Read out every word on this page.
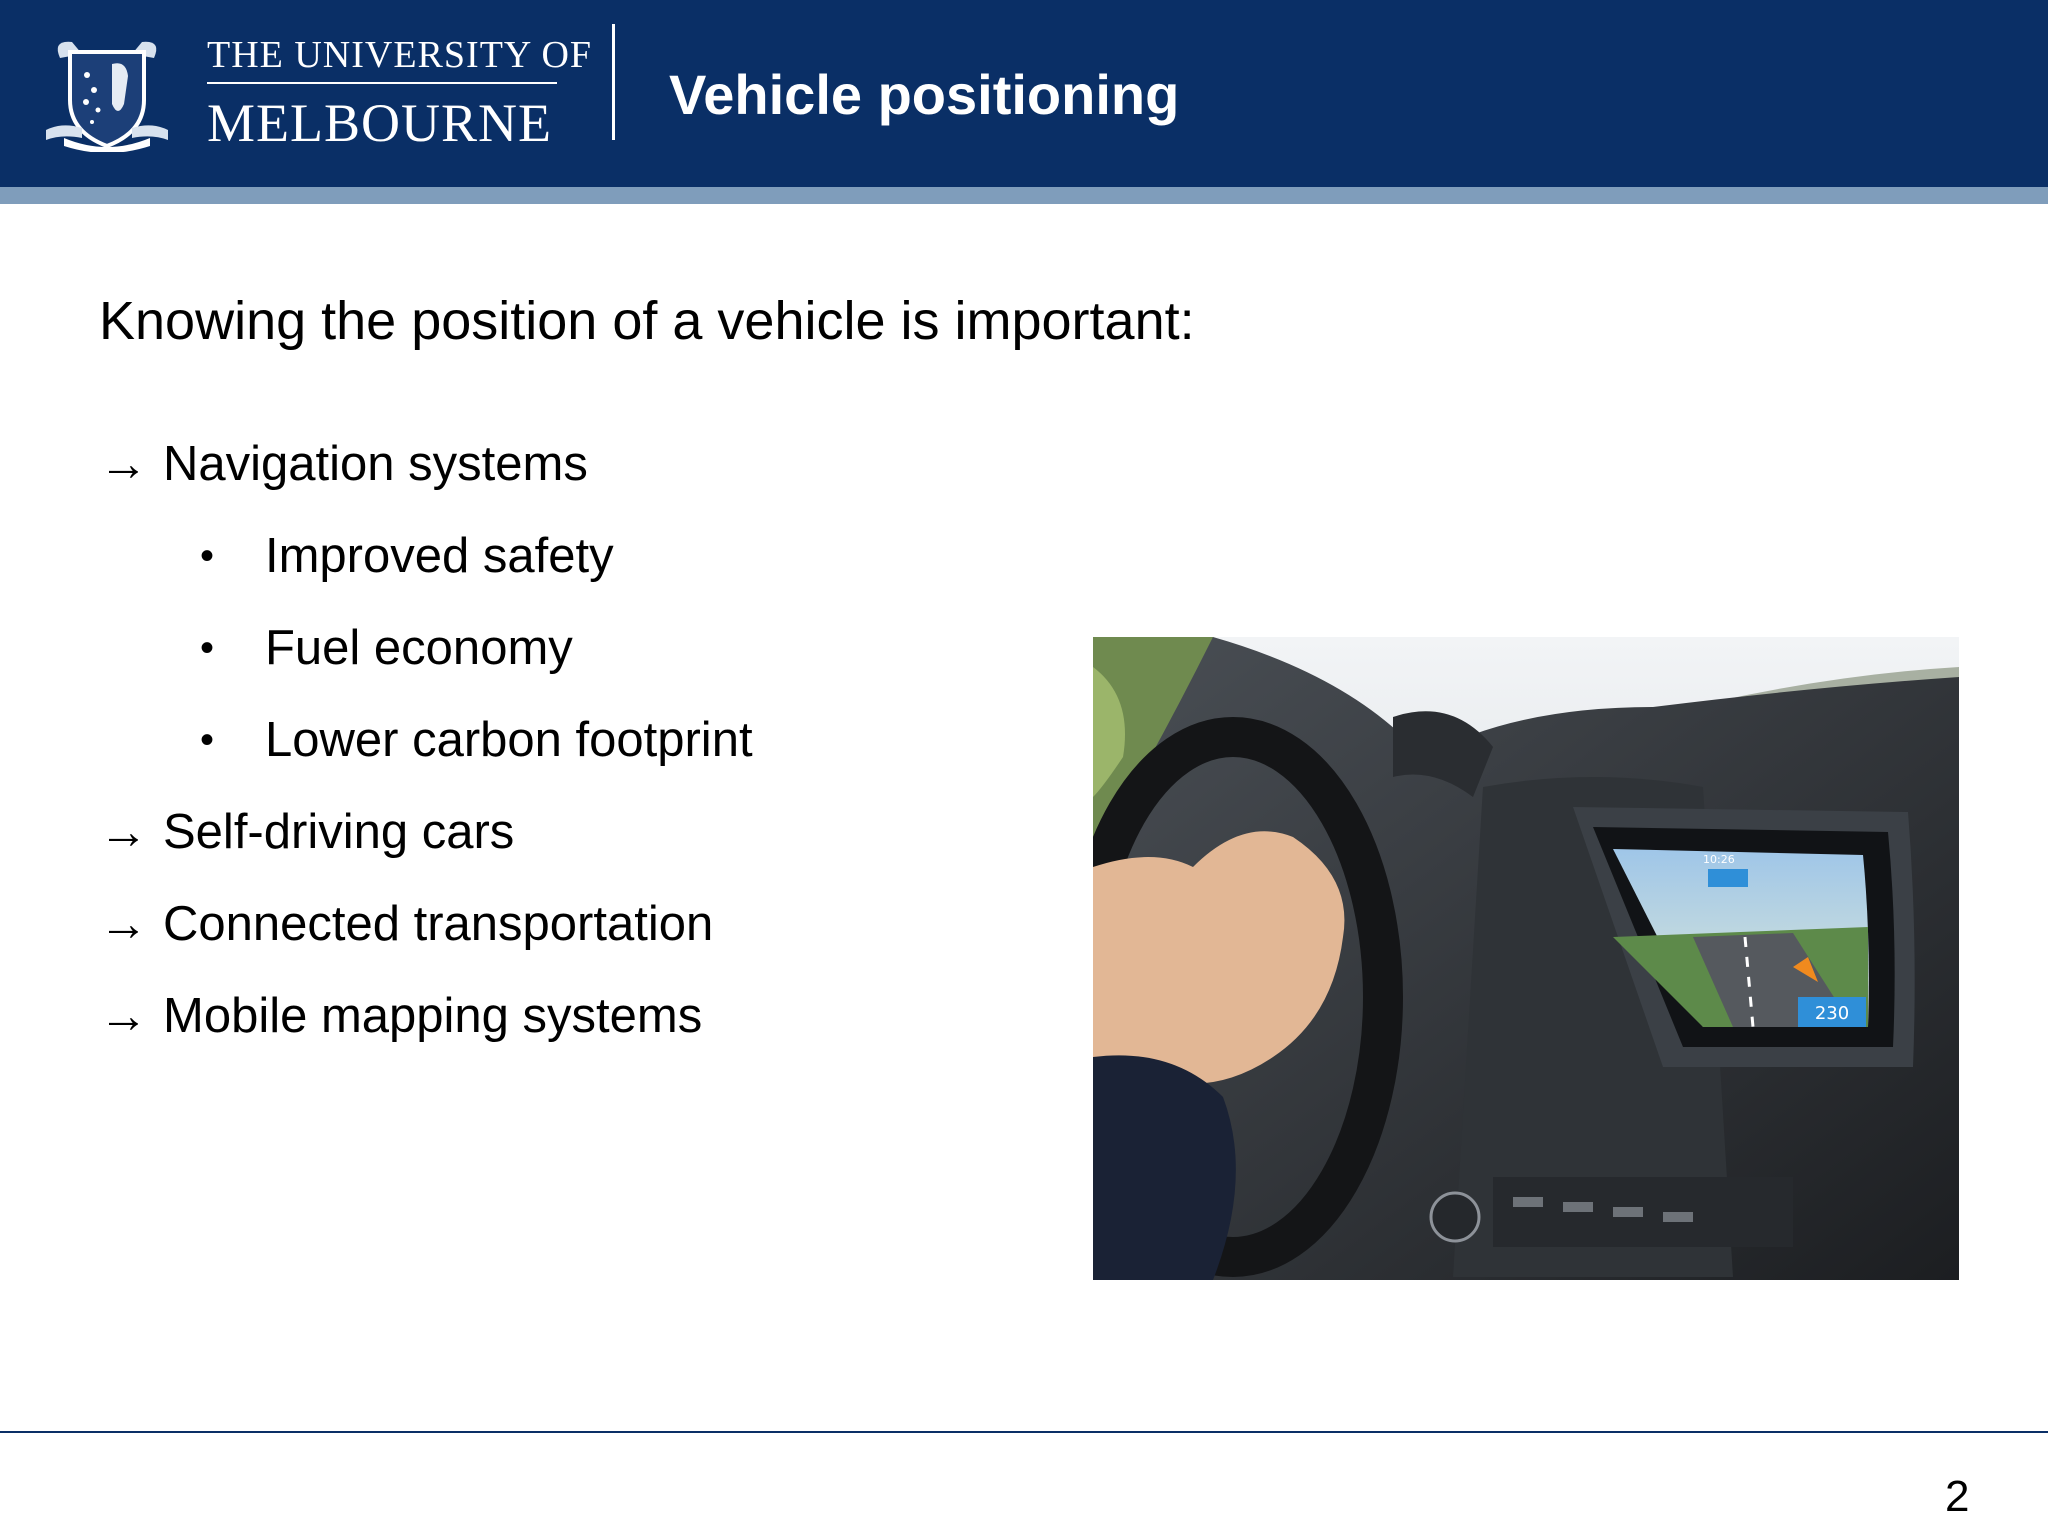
THE UNIVERSITY OF
MELBOURNE Vehicle positioning
Knowing the position of a vehicle is important:
→ Navigation systems
• Improved safety
• Fuel economy
• Lower carbon footprint
→ Self-driving cars
→ Connected transportation
→ Mobile mapping systems	230
10:26
2
